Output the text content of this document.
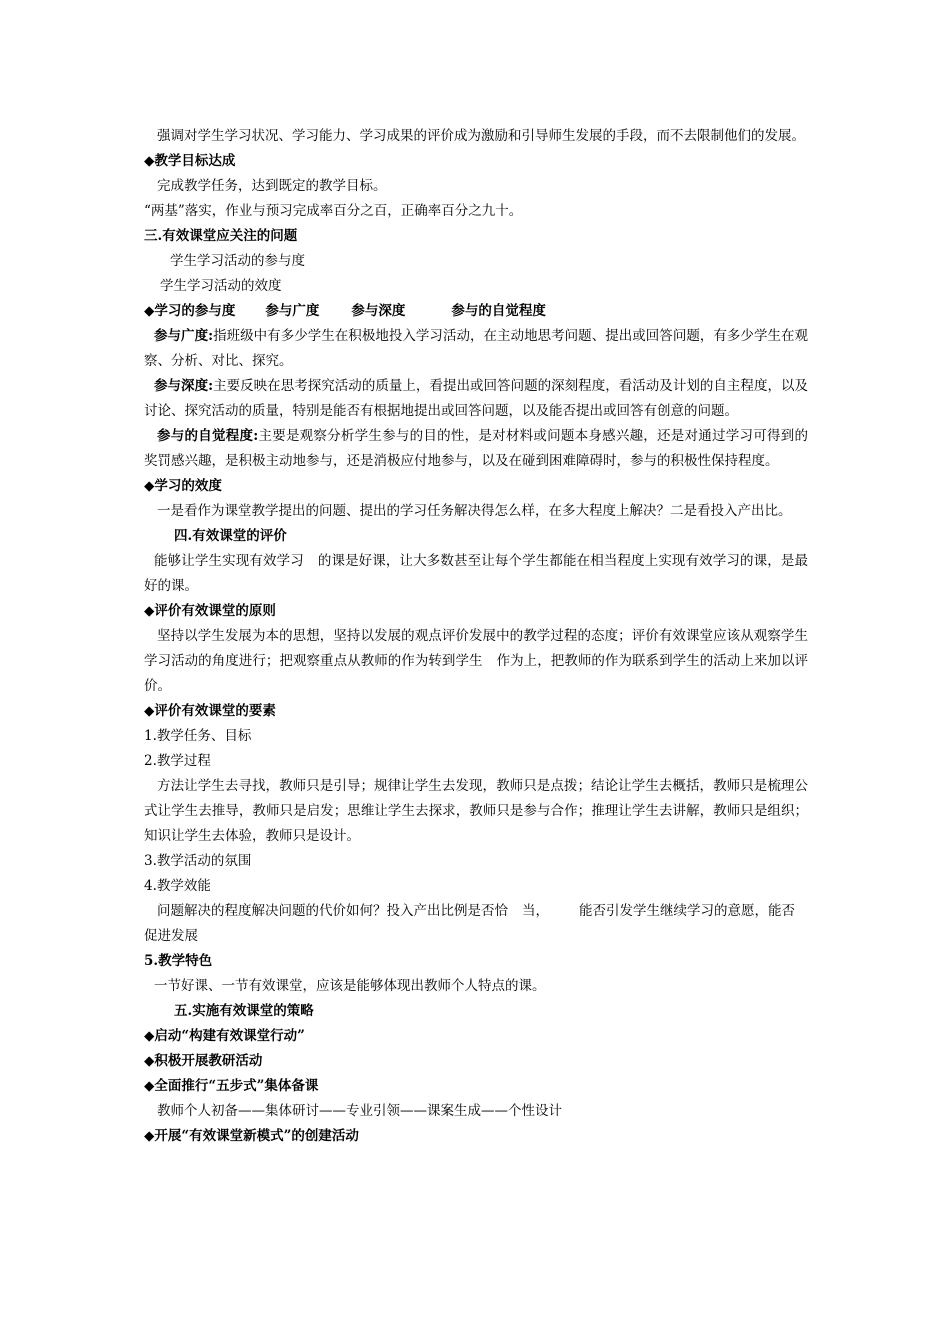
强调对学生学习状况、学习能力、学习成果的评价成为激励和引导师生发展的手段，而不去限制他们的发展。

◆教学目标达成

完成教学任务，达到既定的教学目标。

“两基”落实，作业与预习完成率百分之百，正确率百分之九十。

三.有效课堂应关注的问题

学生学习活动的参与度

学生学习活动的效度

◆学习的参与度 参与广度 参与深度	参与的自觉程度

参与广度:指班级中有多少学生在积极地投入学习活动，在主动地思考问题、提出或回答问题，有多少学生在观察、分析、对比、探究。

参与深度:主要反映在思考探究活动的质量上，看提出或回答问题的深刻程度，看活动及计划的自主程度，以及讨论、探究活动的质量，特别是能否有根据地提出或回答问题，以及能否提出或回答有创意的问题。

参与的自觉程度:主要是观察分析学生参与的目的性，是对材料或问题本身感兴趣，还是对通过学习可得到的奖罚感兴趣，是积极主动地参与，还是消极应付地参与，以及在碰到困难障碍时，参与的积极性保持程度。

◆学习的效度

一是看作为课堂教学提出的问题、提出的学习任务解决得怎么样，在多大程度上解决？二是看投入产出比。

四.有效课堂的评价

能够让学生实现有效学习 的课是好课，让大多数甚至让每个学生都能在相当程度上实现有效学习的课，是最好的课。

◆评价有效课堂的原则

坚持以学生发展为本的思想，坚持以发展的观点评价发展中的教学过程的态度；评价有效课堂应该从观察学生学习活动的角度进行；把观察重点从教师的作为转到学生 作为上，把教师的作为联系到学生的活动上来加以评价。

◆评价有效课堂的要素

1.教学任务、目标

2.教学过程

方法让学生去寻找，教师只是引导；规律让学生去发现，教师只是点拨；结论让学生去概括，教师只是梳理公式让学生去推导，教师只是启发；思维让学生去探求，教师只是参与合作；推理让学生去讲解，教师只是组织；知识让学生去体验，教师只是设计。

3.教学活动的氛围

4.教学效能

问题解决的程度解决问题的代价如何？投入产出比例是否恰 当， 能否引发学生继续学习的意愿，能否促进发展

5.教学特色

一节好课、一节有效课堂，应该是能够体现出教师个人特点的课。

五.实施有效课堂的策略

◆启动“构建有效课堂行动”

◆积极开展教研活动

◆全面推行“五步式”集体备课

教师个人初备——集体研讨——专业引领——课案生成——个性设计

◆开展“有效课堂新模式”的创建活动
